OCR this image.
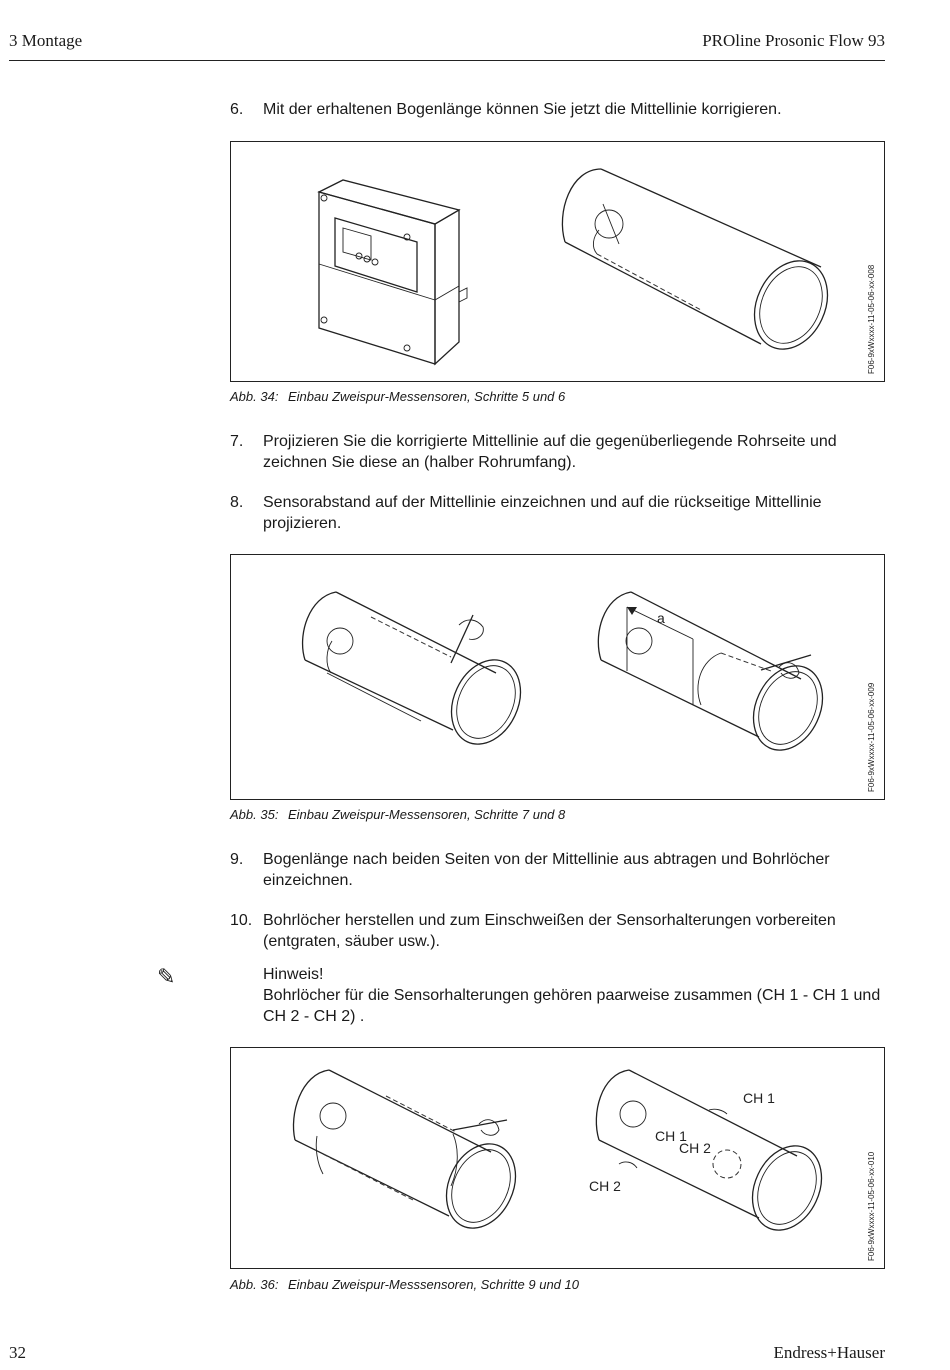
3 Montage	PROline Prosonic Flow 93
6. Mit der erhaltenen Bogenlänge können Sie jetzt die Mittellinie korrigieren.
F06-9xWxxxx-11-05-06-xx-008
Abb. 34: Einbau Zweispur-Messensoren, Schritte 5 und 6
7. Projizieren Sie die korrigierte Mittellinie auf die gegenüberliegende Rohrseite und zeichnen Sie diese an (halber Rohrumfang).
8. Sensorabstand auf der Mittellinie einzeichnen und auf die rückseitige Mittellinie projizieren.
a
F06-9xWxxxx-11-05-06-xx-009
Abb. 35: Einbau Zweispur-Messensoren, Schritte 7 und 8
9. Bogenlänge nach beiden Seiten von der Mittellinie aus abtragen und Bohrlöcher einzeichnen.
10. Bohrlöcher herstellen und zum Einschweißen der Sensorhalterungen vorbereiten (entgraten, säuber usw.).
✎	Hinweis!
Bohrlöcher für die Sensorhalterungen gehören paarweise zusammen (CH 1 - CH 1 und CH 2 - CH 2) .
CH 1
CH 1
CH 2
CH 2	F06-9xWxxxx-11-05-06-xx-010
Abb. 36: Einbau Zweispur-Messsensoren, Schritte 9 und 10
32	Endress+Hauser
